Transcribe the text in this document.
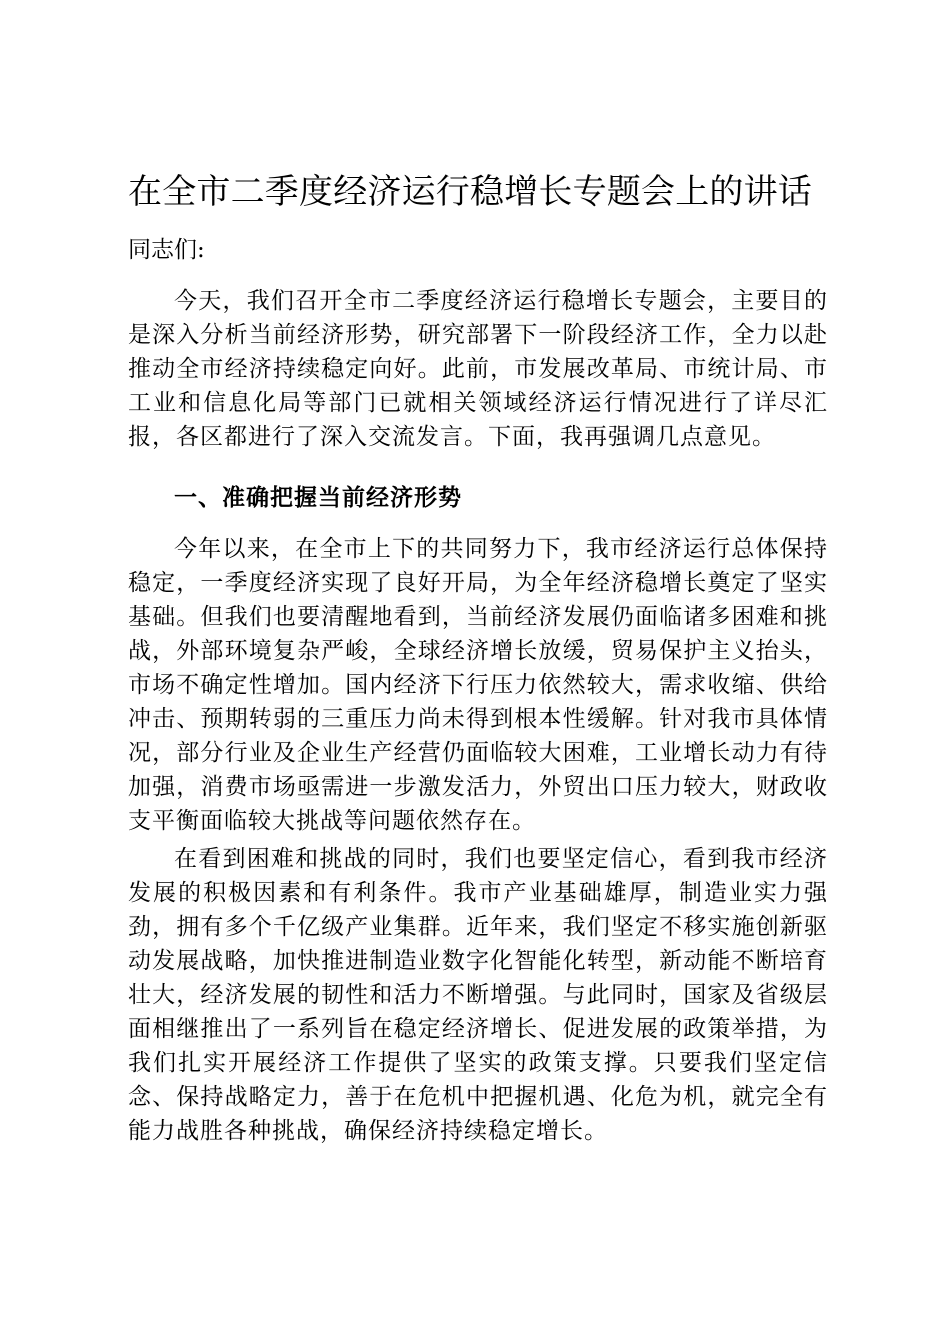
在全市二季度经济运行稳增长专题会上的讲话
同志们:
今天，我们召开全市二季度经济运行稳增长专题会，主要目的是深入分析当前经济形势，研究部署下一阶段经济工作，全力以赴推动全市经济持续稳定向好。此前，市发展改革局、市统计局、市工业和信息化局等部门已就相关领域经济运行情况进行了详尽汇报，各区都进行了深入交流发言。下面，我再强调几点意见。
一、准确把握当前经济形势
今年以来，在全市上下的共同努力下，我市经济运行总体保持稳定，一季度经济实现了良好开局，为全年经济稳增长奠定了坚实基础。但我们也要清醒地看到，当前经济发展仍面临诸多困难和挑战，外部环境复杂严峻，全球经济增长放缓，贸易保护主义抬头，市场不确定性增加。国内经济下行压力依然较大，需求收缩、供给冲击、预期转弱的三重压力尚未得到根本性缓解。针对我市具体情况，部分行业及企业生产经营仍面临较大困难，工业增长动力有待加强，消费市场亟需进一步激发活力，外贸出口压力较大，财政收支平衡面临较大挑战等问题依然存在。
在看到困难和挑战的同时，我们也要坚定信心，看到我市经济发展的积极因素和有利条件。我市产业基础雄厚，制造业实力强劲，拥有多个千亿级产业集群。近年来，我们坚定不移实施创新驱动发展战略，加快推进制造业数字化智能化转型，新动能不断培育壮大，经济发展的韧性和活力不断增强。与此同时，国家及省级层面相继推出了一系列旨在稳定经济增长、促进发展的政策举措，为我们扎实开展经济工作提供了坚实的政策支撑。只要我们坚定信念、保持战略定力，善于在危机中把握机遇、化危为机，就完全有能力战胜各种挑战，确保经济持续稳定增长。
